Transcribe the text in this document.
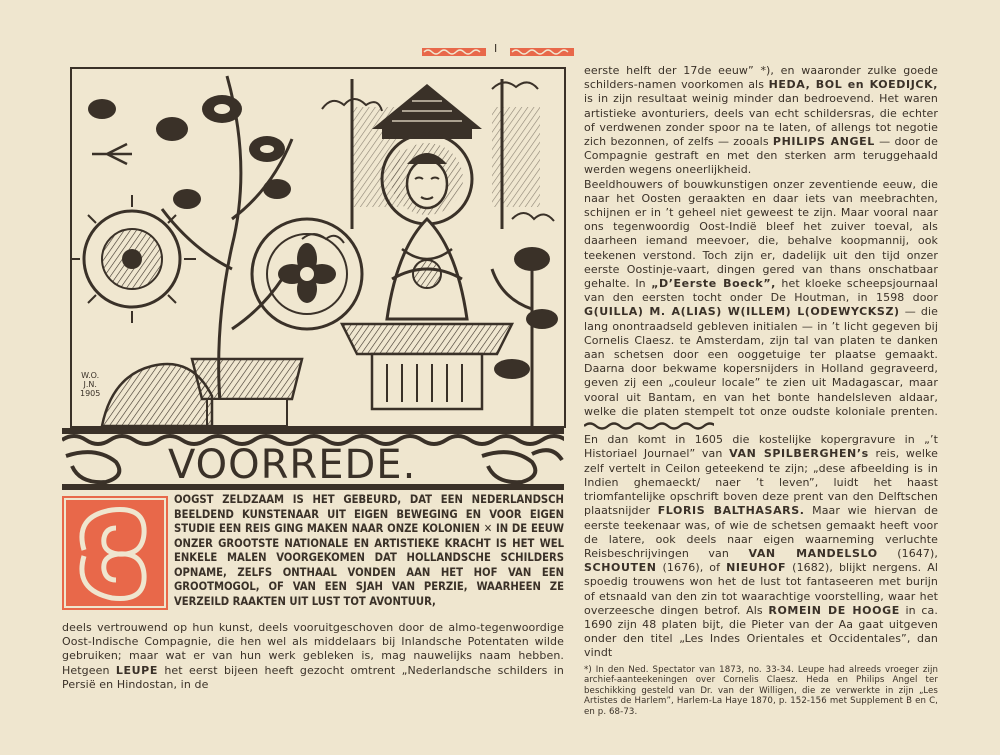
I
W.O.
J.N.
1905
VOORREDE.
OOGST ZELDZAAM IS HET GEBEURD, DAT EEN NEDERLANDSCH BEELDEND KUNSTENAAR UIT EIGEN BEWEGING EN VOOR EIGEN STUDIE EEN REIS GING MAKEN NAAR ONZE KOLONIEN ✕ IN DE EEUW ONZER GROOTSTE NATIONALE EN ARTISTIEKE KRACHT IS HET WEL ENKELE MALEN VOORGEKOMEN DAT HOLLANDSCHE SCHILDERS OPNAME, ZELFS ONTHAAL VONDEN AAN HET HOF VAN EEN GROOTMOGOL, OF VAN EEN SJAH VAN PERZIE, WAARHEEN ZE VERZEILD RAAKTEN UIT LUST TOT AVONTUUR,
deels vertrouwend op hun kunst, deels vooruitgeschoven door de almo-tegenwoordige Oost-Indische Compagnie, die hen wel als middelaars bij Inlandsche Potentaten wilde gebruiken; maar wat er van hun werk gebleken is, mag nauwelijks naam hebben. Hetgeen LEUPE het eerst bijeen heeft gezocht omtrent „Nederlandsche schilders in Persië en Hindostan, in de

eerste helft der 17de eeuw” *), en waaronder zulke goede schilders-namen voorkomen als HEDA, BOL en KOEDIJCK, is in zijn resultaat weinig minder dan bedroevend. Het waren artistieke avonturiers, deels van echt schildersras, die echter of verdwenen zonder spoor na te laten, of allengs tot negotie zich bezonnen, of zelfs — zooals PHILIPS ANGEL — door de Compagnie gestraft en met den sterken arm teruggehaald werden wegens oneerlijkheid.

Beeldhouwers of bouwkunstigen onzer zeventiende eeuw, die naar het Oosten geraakten en daar iets van meebrachten, schijnen er in ’t geheel niet geweest te zijn. Maar vooral naar ons tegenwoordig Oost-Indië bleef het zuiver toeval, als daarheen iemand meevoer, die, behalve koopmannij, ook teekenen verstond. Toch zijn er, dadelijk uit den tijd onzer eerste Oostinje-vaart, dingen gered van thans onschatbaar gehalte. In „D’Eerste Boeck”, het kloeke scheepsjournaal van den eersten tocht onder De Houtman, in 1598 door G(UILLA) M. A(LIAS) W(ILLEM) L(ODEWYCKSZ) — die lang onontraadseld gebleven initialen — in ’t licht gegeven bij Cornelis Claesz. te Amsterdam, zijn tal van platen te danken aan schetsen door een ooggetuige ter plaatse gemaakt. Daarna door bekwame kopersnijders in Holland gegraveerd, geven zij een „couleur locale” te zien uit Madagascar, maar vooral uit Bantam, en van het bonte handelsleven aldaar, welke die platen stempelt tot onze oudste koloniale prenten.

En dan komt in 1605 die kostelijke kopergravure in „’t Historiael Journael” van VAN SPILBERGHEN’s reis, welke zelf vertelt in Ceilon geteekend te zijn; „dese afbeelding is in Indien ghemaeckt/ naer ’t leven”, luidt het haast triomfantelijke opschrift boven deze prent van den Delftschen plaatsnijder FLORIS BALTHASARS. Maar wie hiervan de eerste teekenaar was, of wie de schetsen gemaakt heeft voor de latere, ook deels naar eigen waarneming verluchte Reisbeschrijvingen van VAN MANDELSLO (1647), SCHOUTEN (1676), of NIEUHOF (1682), blijkt nergens. Al spoedig trouwens won het de lust tot fantaseeren met burijn of etsnaald van den zin tot waarachtige voorstelling, waar het overzeesche dingen betrof. Als ROMEIN DE HOOGE in ca. 1690 zijn 48 platen bijt, die Pieter van der Aa gaat uitgeven onder den titel „Les Indes Orientales et Occidentales”, dan vindt

*) In den Ned. Spectator van 1873, no. 33-34. Leupe had alreeds vroeger zijn archief-aanteekeningen over Cornelis Claesz. Heda en Philips Angel ter beschikking gesteld van Dr. van der Willigen, die ze verwerkte in zijn „Les Artistes de Harlem”, Harlem-La Haye 1870, p. 152-156 met Supplement B en C, en p. 68-73.
